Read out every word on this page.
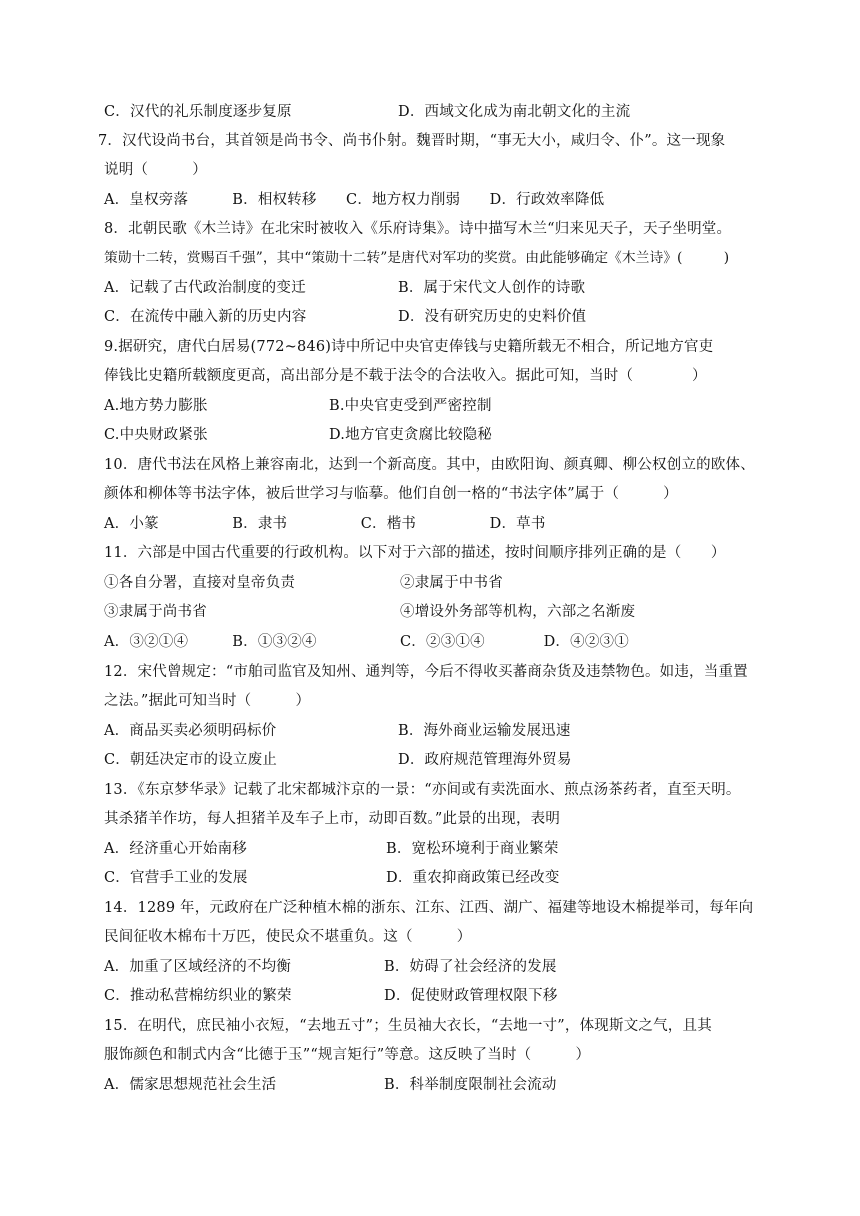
C．汉代的礼乐制度逐步复原	D．西域文化成为南北朝文化的主流
7．汉代设尚书台，其首领是尚书令、尚书仆射。魏晋时期，“事无大小，咸归令、仆”。这一现象
说明（　　　）
A．皇权旁落　　　B．相权转移　　C．地方权力削弱　　D．行政效率降低
8．北朝民歌《木兰诗》在北宋时被收入《乐府诗集》。诗中描写木兰“归来见天子，天子坐明堂。
策勋十二转，赏赐百千强”，其中“策勋十二转”是唐代对军功的奖赏。由此能够确定《木兰诗》(　　　)
A．记载了古代政治制度的变迁	B．属于宋代文人创作的诗歌
C．在流传中融入新的历史内容	D．没有研究历史的史料价值
9.据研究，唐代白居易(772~846)诗中所记中央官吏俸钱与史籍所载无不相合，所记地方官吏
俸钱比史籍所载额度更高，高出部分是不载于法令的合法收入。据此可知，当时（　　　　）
A.地方势力膨胀	B.中央官吏受到严密控制
C.中央财政紧张	D.地方官吏贪腐比较隐秘
10．唐代书法在风格上兼容南北，达到一个新高度。其中，由欧阳询、颜真卿、柳公权创立的欧体、
颜体和柳体等书法字体，被后世学习与临摹。他们自创一格的“书法字体”属于（　　　）
A．小篆　　　　　B．隶书　　　　　C．楷书　　　　　D．草书
11．六部是中国古代重要的行政机构。以下对于六部的描述，按时间顺序排列正确的是（　　）
①各自分署，直接对皇帝负责	②隶属于中书省
③隶属于尚书省	④增设外务部等机构，六部之名渐废
A．③②①④　　　B．①③②④	C．②③①④　　　　D．④②③①
12．宋代曾规定：“市舶司监官及知州、通判等，今后不得收买蕃商杂货及违禁物色。如违，当重置
之法。”据此可知当时（　　　）
A．商品买卖必须明码标价	B．海外商业运输发展迅速
C．朝廷决定市的设立废止	D．政府规范管理海外贸易
13．《东京梦华录》记载了北宋都城汴京的一景：“亦间或有卖洗面水、煎点汤茶药者，直至天明。
其杀猪羊作坊，每人担猪羊及车子上市，动即百数。”此景的出现，表明
A．经济重心开始南移	B．宽松环境利于商业繁荣
C．官营手工业的发展	D．重农抑商政策已经改变
14．1289 年，元政府在广泛种植木棉的浙东、江东、江西、湖广、福建等地设木棉提举司，每年向
民间征收木棉布十万匹，使民众不堪重负。这（　　　）
A．加重了区域经济的不均衡	B．妨碍了社会经济的发展
C．推动私营棉纺织业的繁荣	D．促使财政管理权限下移
15．在明代，庶民袖小衣短，“去地五寸”；生员袖大衣长，“去地一寸”，体现斯文之气，且其
服饰颜色和制式内含“比德于玉”“规言矩行”等意。这反映了当时（　　　）
A．儒家思想规范社会生活	B．科举制度限制社会流动
